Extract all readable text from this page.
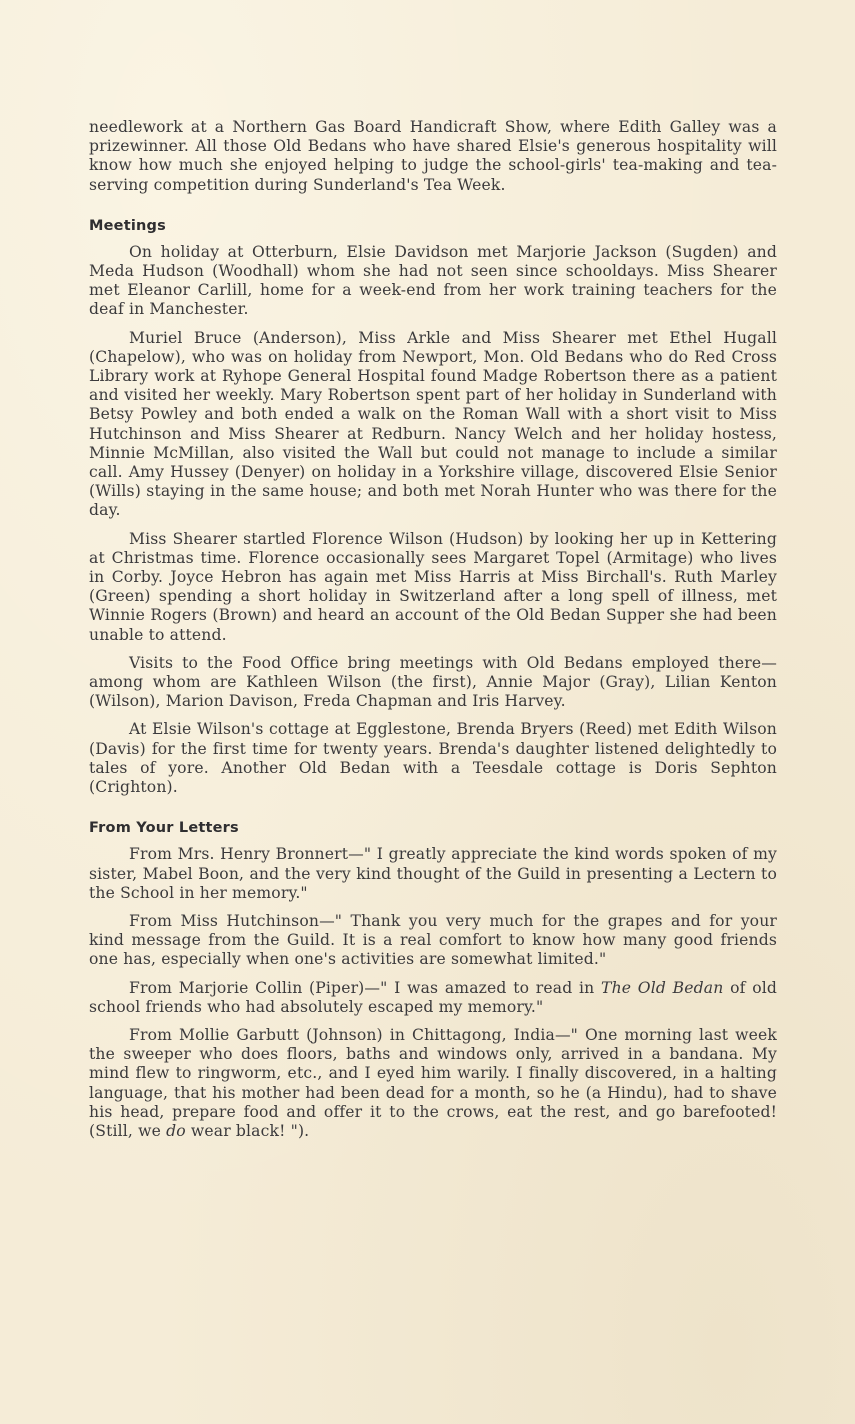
needlework at a Northern Gas Board Handicraft Show, where Edith Galley was a prizewinner. All those Old Bedans who have shared Elsie's generous hospitality will know how much she enjoyed helping to judge the school-girls' tea-making and tea-serving competition during Sunderland's Tea Week.

Meetings

On holiday at Otterburn, Elsie Davidson met Marjorie Jackson (Sugden) and Meda Hudson (Woodhall) whom she had not seen since schooldays. Miss Shearer met Eleanor Carlill, home for a week-end from her work training teachers for the deaf in Manchester.

Muriel Bruce (Anderson), Miss Arkle and Miss Shearer met Ethel Hugall (Chapelow), who was on holiday from Newport, Mon. Old Bedans who do Red Cross Library work at Ryhope General Hospital found Madge Robertson there as a patient and visited her weekly. Mary Robertson spent part of her holiday in Sunderland with Betsy Powley and both ended a walk on the Roman Wall with a short visit to Miss Hutchinson and Miss Shearer at Redburn. Nancy Welch and her holiday hostess, Minnie McMillan, also visited the Wall but could not manage to include a similar call. Amy Hussey (Denyer) on holiday in a Yorkshire village, discovered Elsie Senior (Wills) staying in the same house; and both met Norah Hunter who was there for the day.

Miss Shearer startled Florence Wilson (Hudson) by looking her up in Kettering at Christmas time. Florence occasionally sees Margaret Topel (Armitage) who lives in Corby. Joyce Hebron has again met Miss Harris at Miss Birchall's. Ruth Marley (Green) spending a short holiday in Switzerland after a long spell of illness, met Winnie Rogers (Brown) and heard an account of the Old Bedan Supper she had been unable to attend.

Visits to the Food Office bring meetings with Old Bedans employed there—among whom are Kathleen Wilson (the first), Annie Major (Gray), Lilian Kenton (Wilson), Marion Davison, Freda Chapman and Iris Harvey.

At Elsie Wilson's cottage at Egglestone, Brenda Bryers (Reed) met Edith Wilson (Davis) for the first time for twenty years. Brenda's daughter listened delightedly to tales of yore. Another Old Bedan with a Teesdale cottage is Doris Sephton (Crighton).

From Your Letters

From Mrs. Henry Bronnert—" I greatly appreciate the kind words spoken of my sister, Mabel Boon, and the very kind thought of the Guild in presenting a Lectern to the School in her memory."

From Miss Hutchinson—" Thank you very much for the grapes and for your kind message from the Guild. It is a real comfort to know how many good friends one has, especially when one's activities are somewhat limited."

From Marjorie Collin (Piper)—" I was amazed to read in The Old Bedan of old school friends who had absolutely escaped my memory."

From Mollie Garbutt (Johnson) in Chittagong, India—" One morning last week the sweeper who does floors, baths and windows only, arrived in a bandana. My mind flew to ringworm, etc., and I eyed him warily. I finally discovered, in a halting language, that his mother had been dead for a month, so he (a Hindu), had to shave his head, prepare food and offer it to the crows, eat the rest, and go barefooted! (Still, we do wear black! ").
